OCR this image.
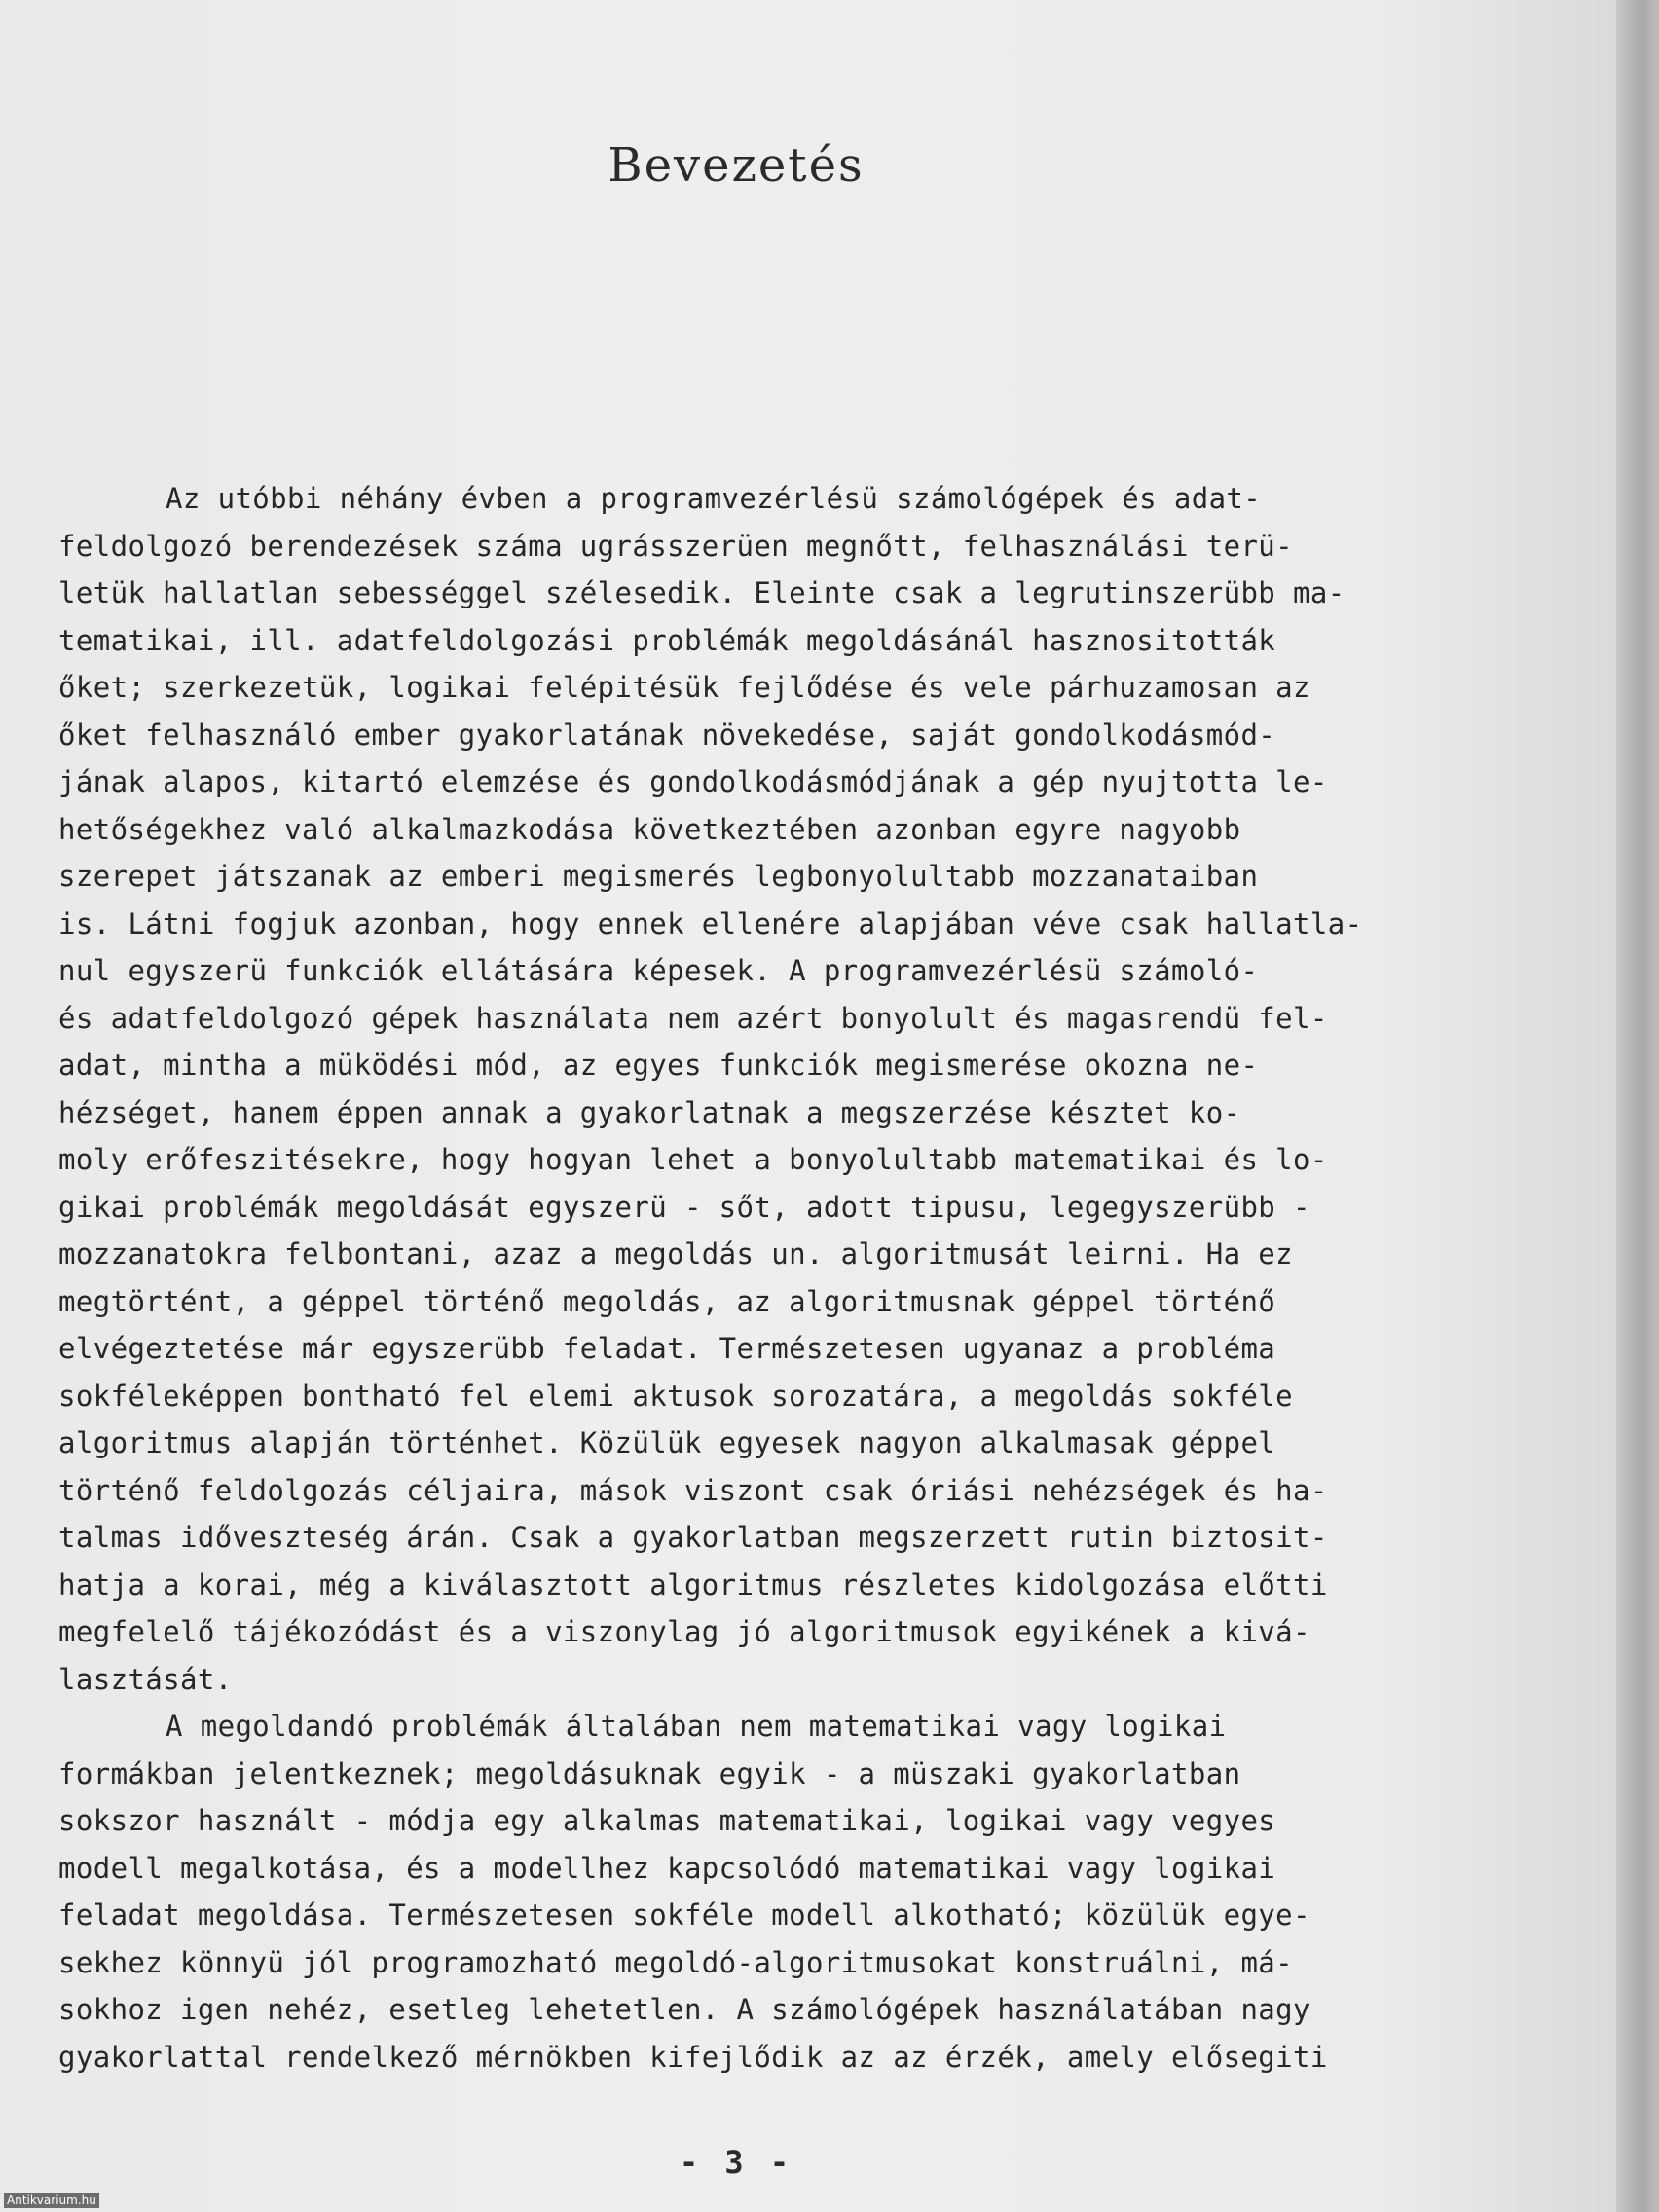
Bevezetés
Az utóbbi néhány évben a programvezérlésü számológépek és adat-
feldolgozó berendezések száma ugrásszerüen megnőtt, felhasználási terü-
letük hallatlan sebességgel szélesedik. Eleinte csak a legrutinszerübb ma-
tematikai, ill. adatfeldolgozási problémák megoldásánál hasznositották
őket; szerkezetük, logikai felépitésük fejlődése és vele párhuzamosan az
őket felhasználó ember gyakorlatának növekedése, saját gondolkodásmód-
jának alapos, kitartó elemzése és gondolkodásmódjának a gép nyujtotta le-
hetőségekhez való alkalmazkodása következtében azonban egyre nagyobb
szerepet játszanak az emberi megismerés legbonyolultabb mozzanataiban
is. Látni fogjuk azonban, hogy ennek ellenére alapjában véve csak hallatla-
nul egyszerü funkciók ellátására képesek. A programvezérlésü számoló-
és adatfeldolgozó gépek használata nem azért bonyolult és magasrendü fel-
adat, mintha a müködési mód, az egyes funkciók megismerése okozna ne-
hézséget, hanem éppen annak a gyakorlatnak a megszerzése késztet ko-
moly erőfeszitésekre, hogy hogyan lehet a bonyolultabb matematikai és lo-
gikai problémák megoldását egyszerü - sőt, adott tipusu, legegyszerübb -
mozzanatokra felbontani, azaz a megoldás un. algoritmusát leirni. Ha ez
megtörtént, a géppel történő megoldás, az algoritmusnak géppel történő
elvégeztetése már egyszerübb feladat. Természetesen ugyanaz a probléma
sokféleképpen bontható fel elemi aktusok sorozatára, a megoldás sokféle
algoritmus alapján történhet. Közülük egyesek nagyon alkalmasak géppel
történő feldolgozás céljaira, mások viszont csak óriási nehézségek és ha-
talmas időveszteség árán. Csak a gyakorlatban megszerzett rutin biztosit-
hatja a korai, még a kiválasztott algoritmus részletes kidolgozása előtti
megfelelő tájékozódást és a viszonylag jó algoritmusok egyikének a kivá-
lasztását.
A megoldandó problémák általában nem matematikai vagy logikai
formákban jelentkeznek; megoldásuknak egyik - a müszaki gyakorlatban
sokszor használt - módja egy alkalmas matematikai, logikai vagy vegyes
modell megalkotása, és a modellhez kapcsolódó matematikai vagy logikai
feladat megoldása. Természetesen sokféle modell alkotható; közülük egye-
sekhez könnyü jól programozható megoldó-algoritmusokat konstruálni, má-
sokhoz igen nehéz, esetleg lehetetlen. A számológépek használatában nagy
gyakorlattal rendelkező mérnökben kifejlődik az az érzék, amely elősegiti
- 3 -
Antikvarium.hu
